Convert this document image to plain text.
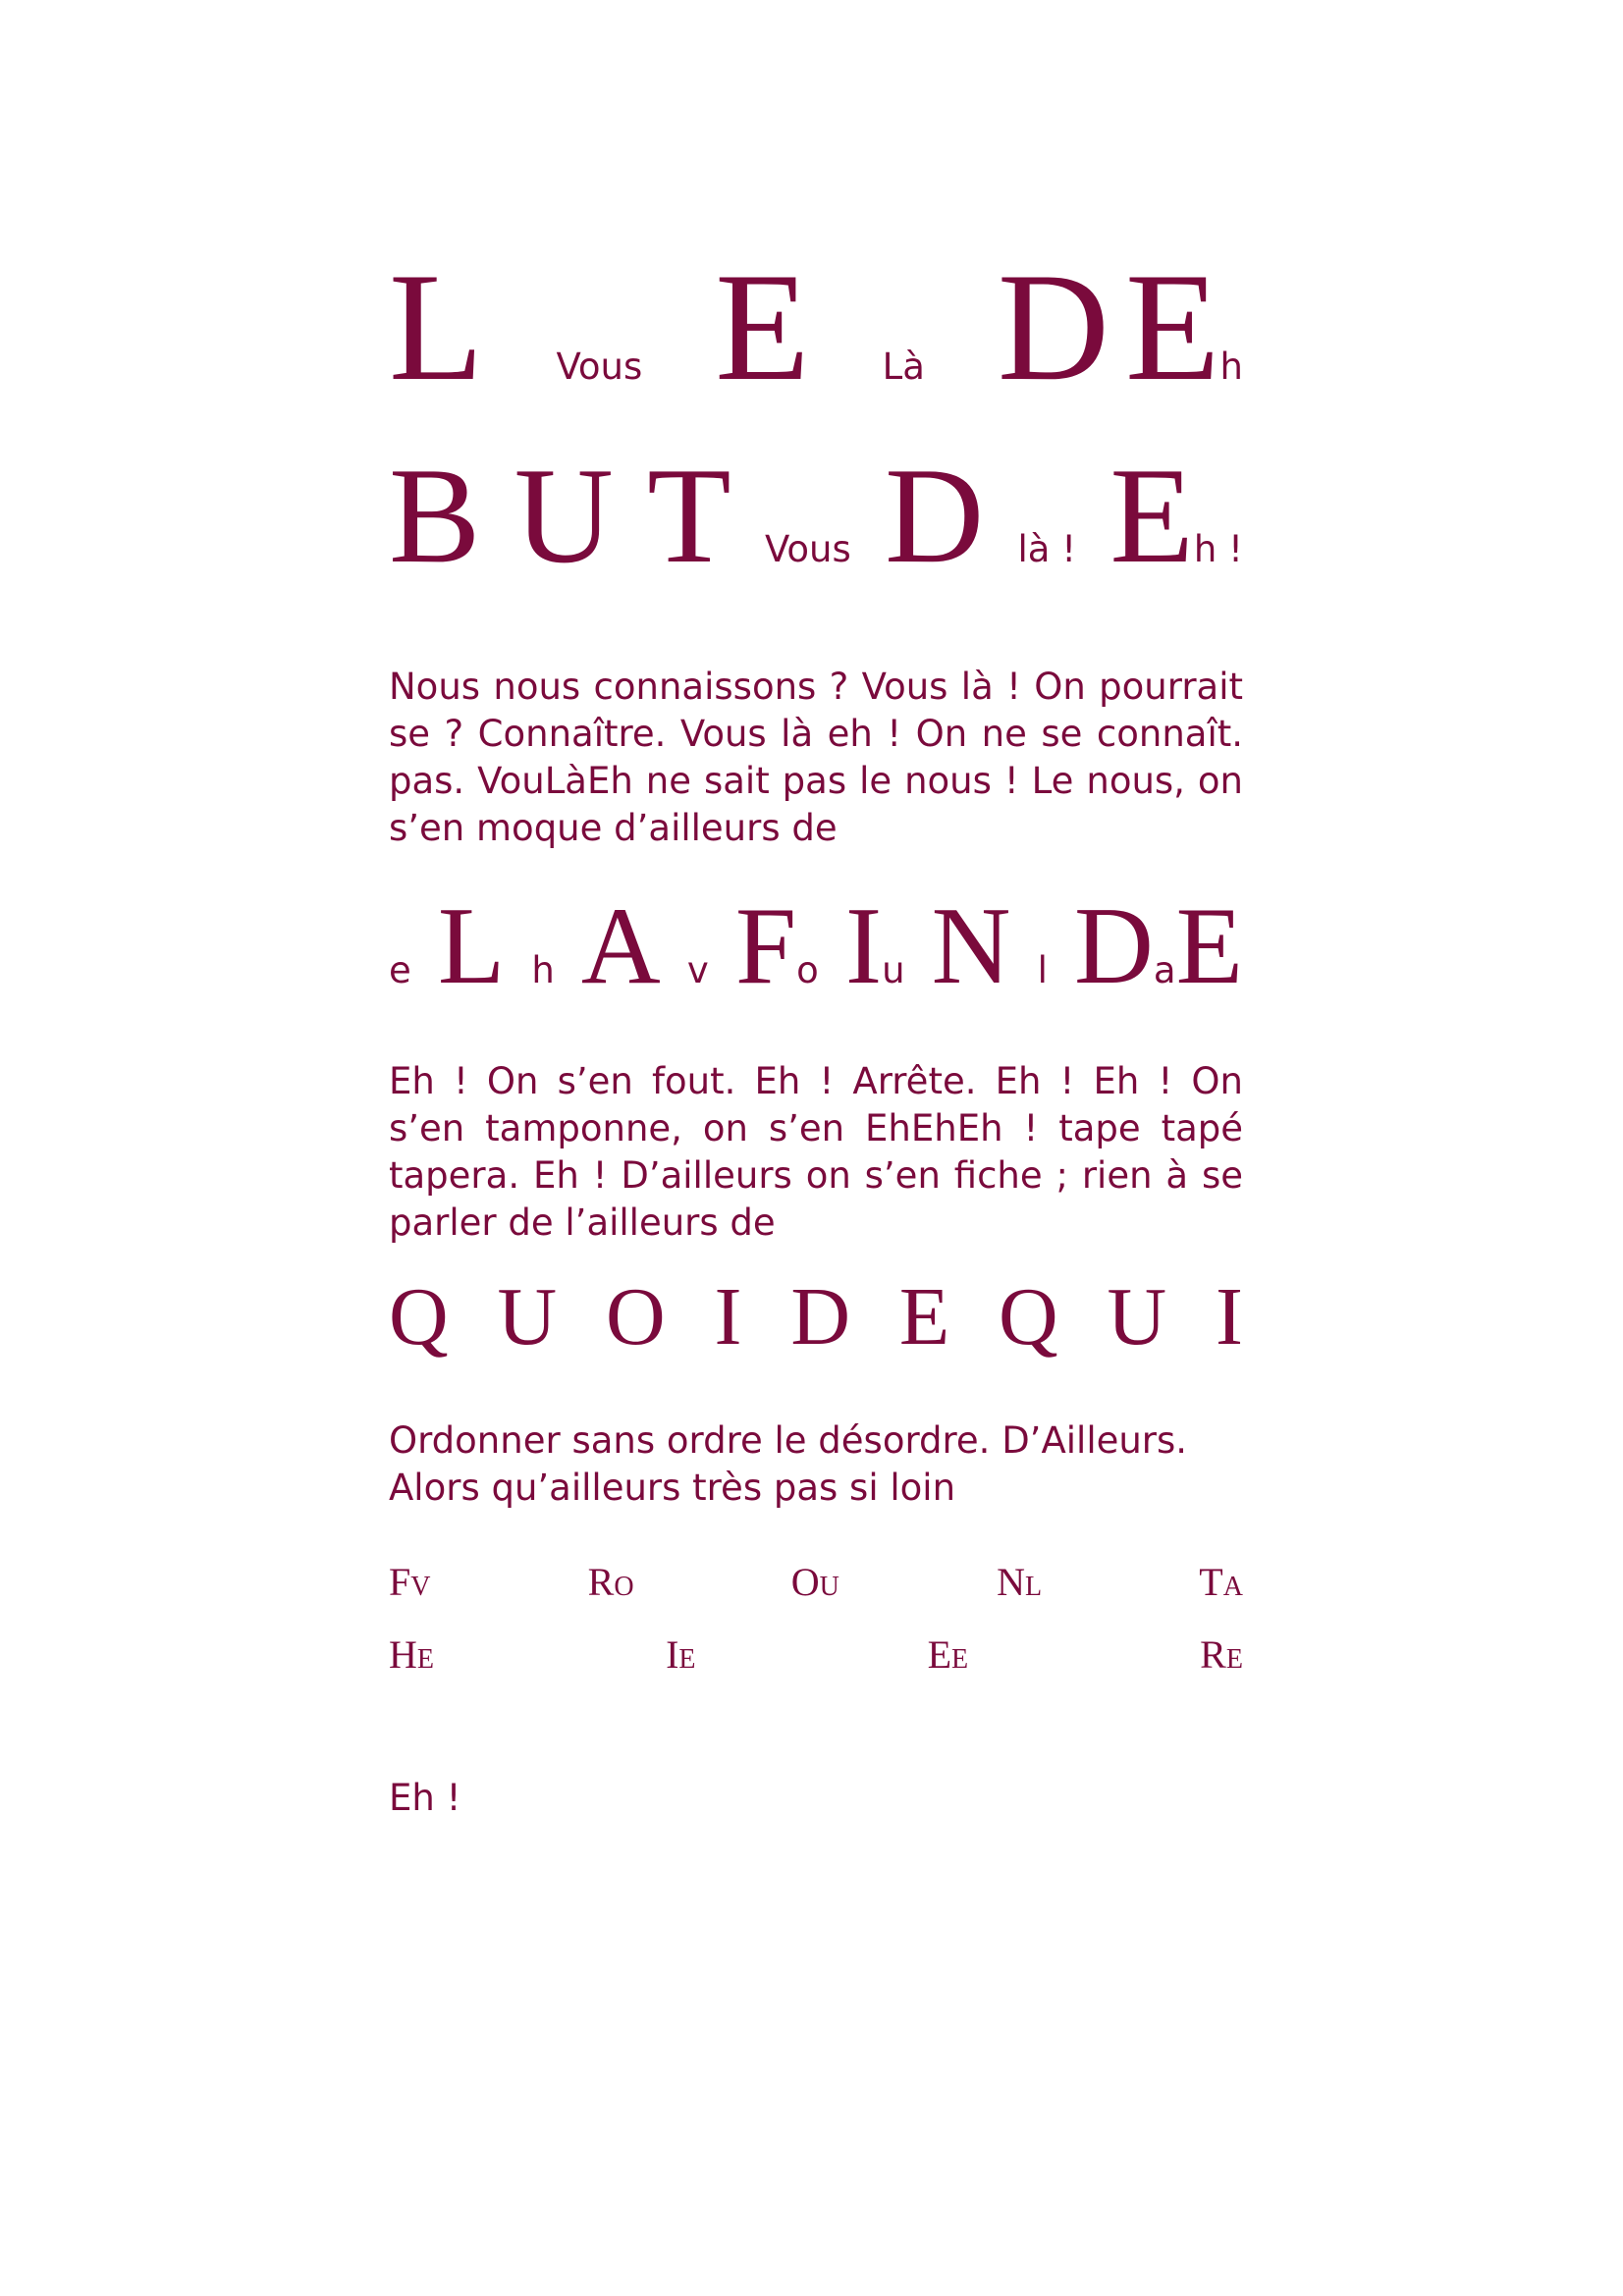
L Vous E Là D E h
B U T Vous D là ! E h !

Nous nous connaissons ? Vous là ! On pourrait se ? Connaître. Vous là eh ! On ne se connaît. pas. VouLàEh ne sait pas le nous ! Le nous, on s’en moque d’ailleurs de

e L h A v F o I u N l D a E

Eh ! On s’en fout. Eh ! Arrête. Eh ! Eh ! On s’en tamponne, on s’en EhEhEh ! tape tapé tapera. Eh ! D’ailleurs on s’en fiche ; rien à se parler de l’ailleurs de

Q U O I D E Q U I

Ordonner sans ordre le désordre. D’Ailleurs.

Alors qu’ailleurs très pas si loin

FV	RO	OU	NL	TA
HE	IE	EE	RE

Eh !
